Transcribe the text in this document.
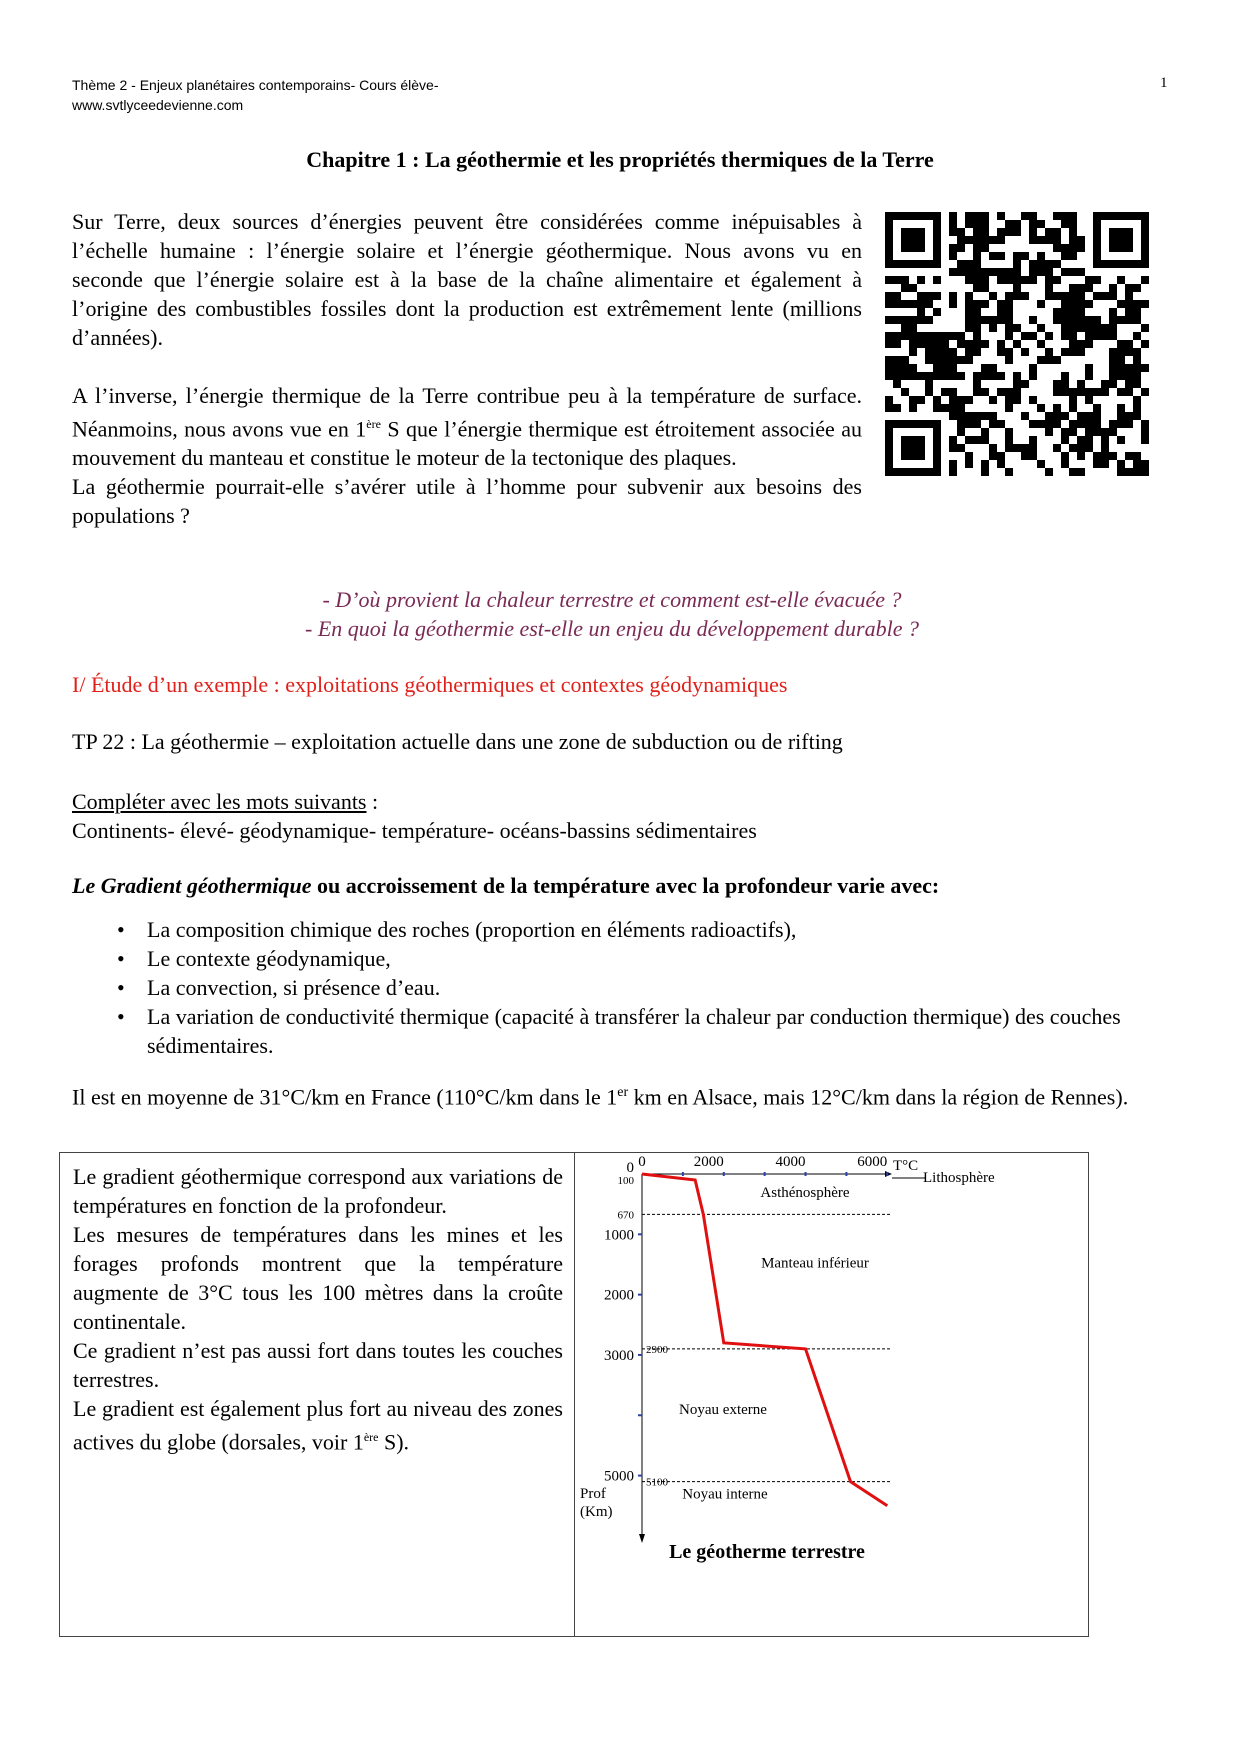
Thème 2 - Enjeux planétaires contemporains- Cours élève-
www.svtlyceedevienne.com
1
Chapitre 1 : La géothermie et les propriétés thermiques de la Terre

Sur Terre, deux sources d’énergies peuvent être considérées comme inépuisables à l’échelle humaine : l’énergie solaire et l’énergie géothermique. Nous avons vu en seconde que l’énergie solaire est à la base de la chaîne alimentaire et également à l’origine des combustibles fossiles dont la production est extrêmement lente (millions d’années).

A l’inverse, l’énergie thermique de la Terre contribue peu à la température de surface. Néanmoins, nous avons vue en 1ère S que l’énergie thermique est étroitement associée au mouvement du manteau et constitue le moteur de la tectonique des plaques.

La géothermie pourrait-elle s’avérer utile à l’homme pour subvenir aux besoins des populations ?

- D’où provient la chaleur terrestre et comment est-elle évacuée ?
- En quoi la géothermie est-elle un enjeu du développement durable ?
I/ Étude d’un exemple : exploitations géothermiques et contextes géodynamiques
TP 22 : La géothermie – exploitation actuelle dans une zone de subduction ou de rifting
Compléter avec les mots suivants :
Continents- élevé- géodynamique- température- océans-bassins sédimentaires
Le Gradient géothermique ou accroissement de la température avec la profondeur varie avec:
• La composition chimique des roches (proportion en éléments radioactifs),
• Le contexte géodynamique,
• La convection, si présence d’eau.
• La variation de conductivité thermique (capacité à transférer la chaleur par conduction thermique) des couches sédimentaires.
Il est en moyenne de 31°C/km en France (110°C/km dans le 1er km en Alsace, mais 12°C/km dans la région de Rennes).

Le gradient géothermique correspond aux variations de températures en fonction de la profondeur.

Les mesures de températures dans les mines et les forages profonds montrent que la température augmente de 3°C tous les 100 mètres dans la croûte continentale.

Ce gradient n’est pas aussi fort dans toutes les couches terrestres.

Le gradient est également plus fort au niveau des zones actives du globe (dorsales, voir 1ère S).

0	2000	4000	6000 T°C
0
1000
2000
3000
5000
100
670
2900
5100
Lithosphère
Asthénosphère
Manteau inférieur
Noyau externe
Noyau interne
Prof
(Km)
Le géotherme terrestre
